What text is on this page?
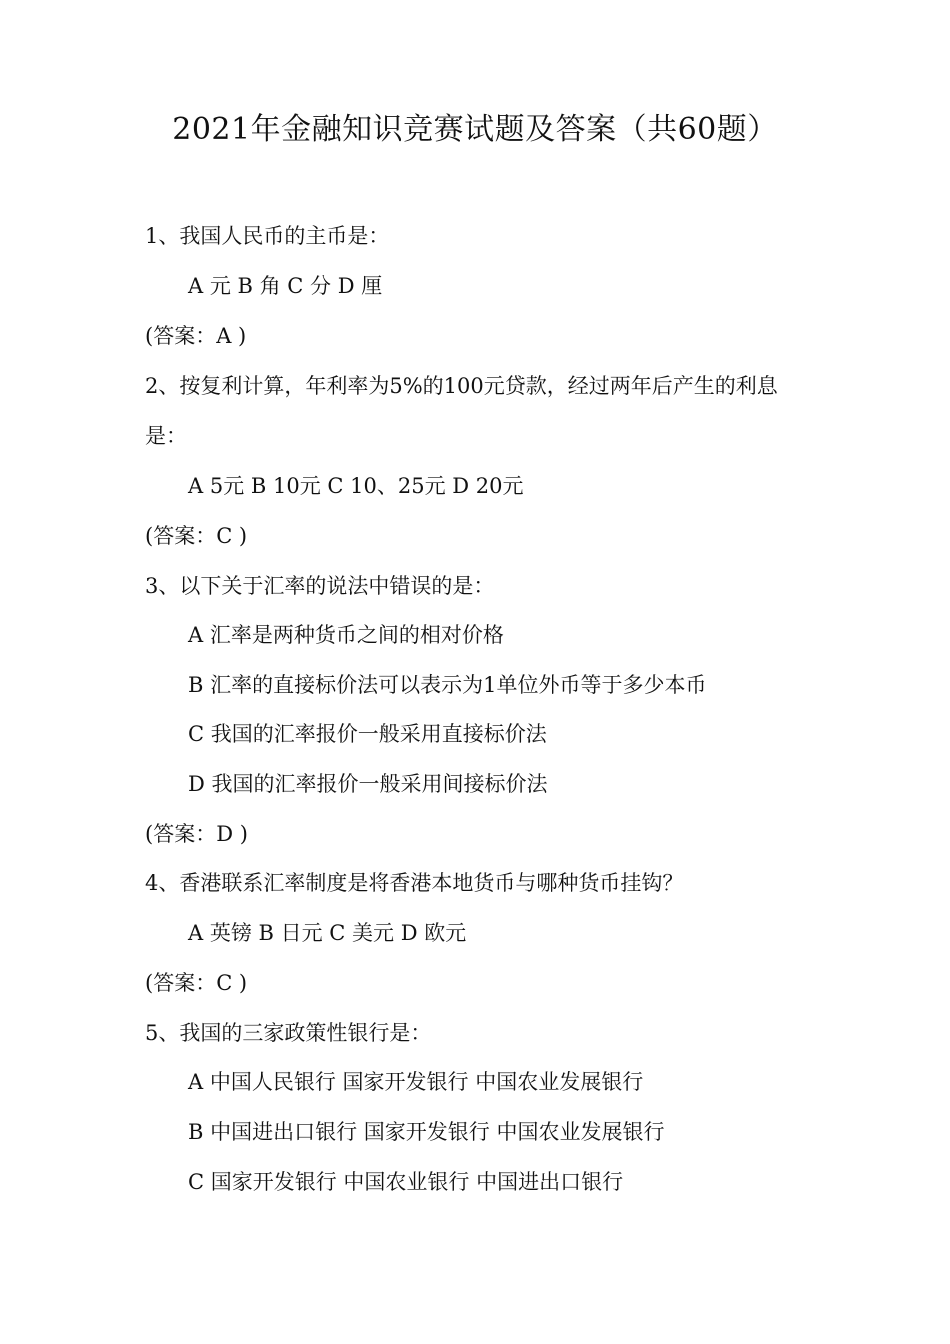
2021年金融知识竞赛试题及答案（共60题）
1、我国人民币的主币是：
A 元 B 角 C 分 D 厘
(答案：A )
2、按复利计算，年利率为5%的100元贷款，经过两年后产生的利息
是：
A 5元 B 10元 C 10、25元 D 20元
(答案：C )
3、以下关于汇率的说法中错误的是：
A 汇率是两种货币之间的相对价格
B 汇率的直接标价法可以表示为1单位外币等于多少本币
C 我国的汇率报价一般采用直接标价法
D 我国的汇率报价一般采用间接标价法
(答案：D )
4、香港联系汇率制度是将香港本地货币与哪种货币挂钩？
A 英镑 B 日元 C 美元 D 欧元
(答案：C )
5、我国的三家政策性银行是：
A 中国人民银行 国家开发银行 中国农业发展银行
B 中国进出口银行 国家开发银行 中国农业发展银行
C 国家开发银行 中国农业银行 中国进出口银行
